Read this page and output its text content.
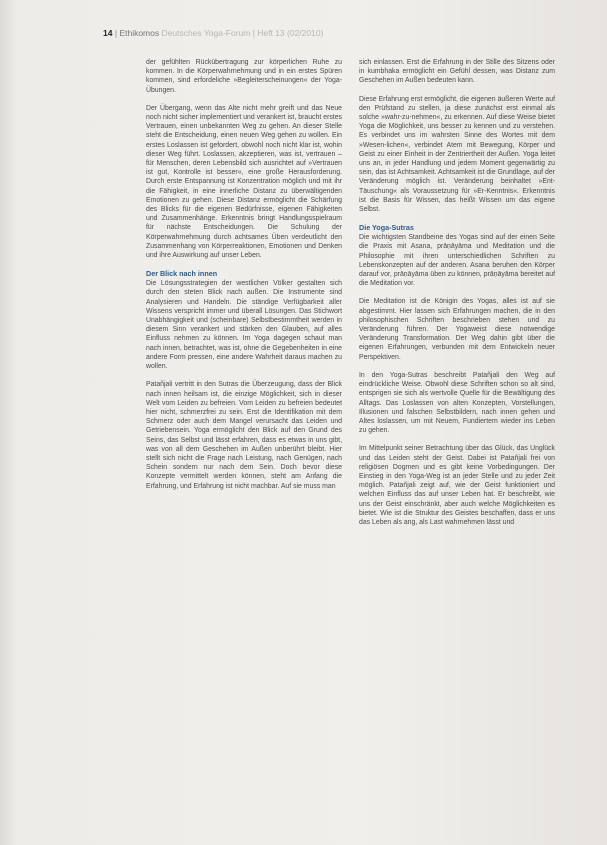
14 | Ethikomos Deutsches Yoga-Forum | Heft 13 (02/2010)

der gefühlten Rückübertragung zur körperlichen Ruhe zu kommen. In die Körperwahrnehmung und in ein erstes Spüren kommen, sind erfordeliche »Begleiterscheinungen« der Yoga-Übungen.

Der Übergang, wenn das Alte nicht mehr greift und das Neue noch nicht sicher implementiert und verankert ist, braucht erstes Vertrauen, einen unbekannten Weg zu gehen. An dieser Stelle steht die Entscheidung, einen neuen Weg gehen zu wollen. Ein erstes Loslassen ist gefordert, obwohl noch nicht klar ist, wohin dieser Weg führt. Loslassen, akzeptieren, was ist, vertrauen – für Menschen, deren Lebensbild sich ausrichtet auf »Vertrauen ist gut, Kontrolle ist besser«, eine große Herausforderung. Durch erste Entspannung ist Konzentration möglich und mit ihr die Fähigkeit, in eine innerliche Distanz zu überwältigenden Emotionen zu gehen. Diese Distanz ermöglicht die Schärfung des Blicks für die eigenen Bedürfnisse, eigenen Fähigkeiten und Zusammenhänge. Erkenntnis bringt Handlungsspielraum für nächste Entscheidungen. Die Schulung der Körperwahrnehmung durch achtsames Üben verdeutlicht den Zusammenhang von Körperreaktionen, Emotionen und Denken und ihre Auswirkung auf unser Leben.

Der Blick nach innen

Die Lösungsstrategien der westlichen Völker gestalten sich durch den steten Blick nach außen. Die Instrumente sind Analysieren und Handeln. Die ständige Verfügbarkeit aller Wissens verspricht immer und überall Lösungen. Das Stichwort Unabhängigkeit und (scheinbare) Selbstbestimmtheit werden in diesem Sinn verankert und stärken den Glauben, auf alles Einfluss nehmen zu können. Im Yoga dagegen schaut man nach innen, betrachtet, was ist, ohne die Gegebenheiten in eine andere Form pressen, eine andere Wahrheit daraus machen zu wollen.

Patañjali vertritt in den Sutras die Überzeugung, dass der Blick nach innen heilsam ist, die einzige Möglichkeit, sich in dieser Welt vom Leiden zu befreien. Vom Leiden zu befreien bedeutet hier nicht, schmerzfrei zu sein. Erst die Identifikation mit dem Schmerz oder auch dem Mangel verursacht das Leiden und Getriebensein. Yoga ermöglicht den Blick auf den Grund des Seins, das Selbst und lässt erfahren, dass es etwas in uns gibt, was von all dem Geschehen im Außen unberührt bleibt. Hier stellt sich nicht die Frage nach Leistung, nach Genügen, nach Schein sondern nur nach dem Sein. Doch bevor diese Konzepte vermittelt werden können, steht am Anfang die Erfahrung, und Erfahrung ist nicht machbar. Auf sie muss man

sich einlassen. Erst die Erfahrung in der Stille des Sitzens oder in kumbhaka ermöglicht ein Gefühl dessen, was Distanz zum Geschehen im Außen bedeuten kann.

Diese Erfahrung erst ermöglicht, die eigenen äußeren Werte auf den Prüfstand zu stellen, ja diese zunächst erst einmal als solche »wahr-zu-nehmen«, zu erkennen. Auf diese Weise bietet Yoga die Möglichkeit, uns besser zu kennen und zu verstehen. Es verbindet uns im wahrsten Sinne des Wortes mit dem »Wesen-lichen«, verbindet Atem mit Bewegung, Körper und Geist zu einer Einheit in der Zentriertheit der Außen. Yoga leitet uns an, in jeder Handlung und jedem Moment gegenwärtig zu sein, das ist Achtsamkeit. Achtsamkeit ist die Grundlage, auf der Veränderung möglich ist. Veränderung beinhaltet »Ent-Täuschung« als Voraussetzung für »Er-Kenntnis«. Erkenntnis ist die Basis für Wissen, das heißt Wissen um das eigene Selbst.

Die Yoga-Sutras

Die wichtigsten Standbeine des Yogas sind auf der einen Seite die Praxis mit Asana, prāṇāyāma und Meditation und die Philosophie mit ihren unterschiedlichen Schriften zu Lebenskonzepten auf der anderen. Asana beruhen den Körper darauf vor, prāṇāyāma üben zu können, prāṇāyāma bereitet auf die Meditation vor.

Die Meditation ist die Königin des Yogas, alles ist auf sie abgestimmt. Hier lassen sich Erfahrungen machen, die in den philosophischen Schriften beschrieben stehen und zu Veränderung führen. Der Yogaweist diese notwendige Veränderung Transformation. Der Weg dahin gibt über die eigenen Erfahrungen, verbunden mit dem Entwickeln neuer Perspektiven.

In den Yoga-Sutras beschreibt Patañjali den Weg auf eindrückliche Weise. Obwohl diese Schriften schon so alt sind, entsprigen sie sich als wertvolle Quelle für die Bewältigung des Alltags. Das Loslassen von alten Konzepten, Vorstellungen, Illusionen und falschen Selbstbildern, nach innen gehen und Altes loslassen, um mit Neuem, Fundiertem wieder ins Leben zu gehen.

Im Mittelpunkt seiner Betrachtung über das Glück, das Unglück und das Leiden steht der Geist. Dabei ist Patañjali frei von religiösen Dogmen und es gibt keine Vorbedingungen. Der Einstieg in den Yoga-Weg ist an jeder Stelle und zu jeder Zeit möglich. Patañjali zeigt auf, wie der Geist funktioniert und welchen Einfluss das auf unser Leben hat. Er beschreibt, wie uns der Geist einschränkt, aber auch welche Möglichkeiten es bietet. Wie ist die Struktur des Geistes beschaffen, dass er uns das Leben als ang, als Last wahrnehmen lässt und
